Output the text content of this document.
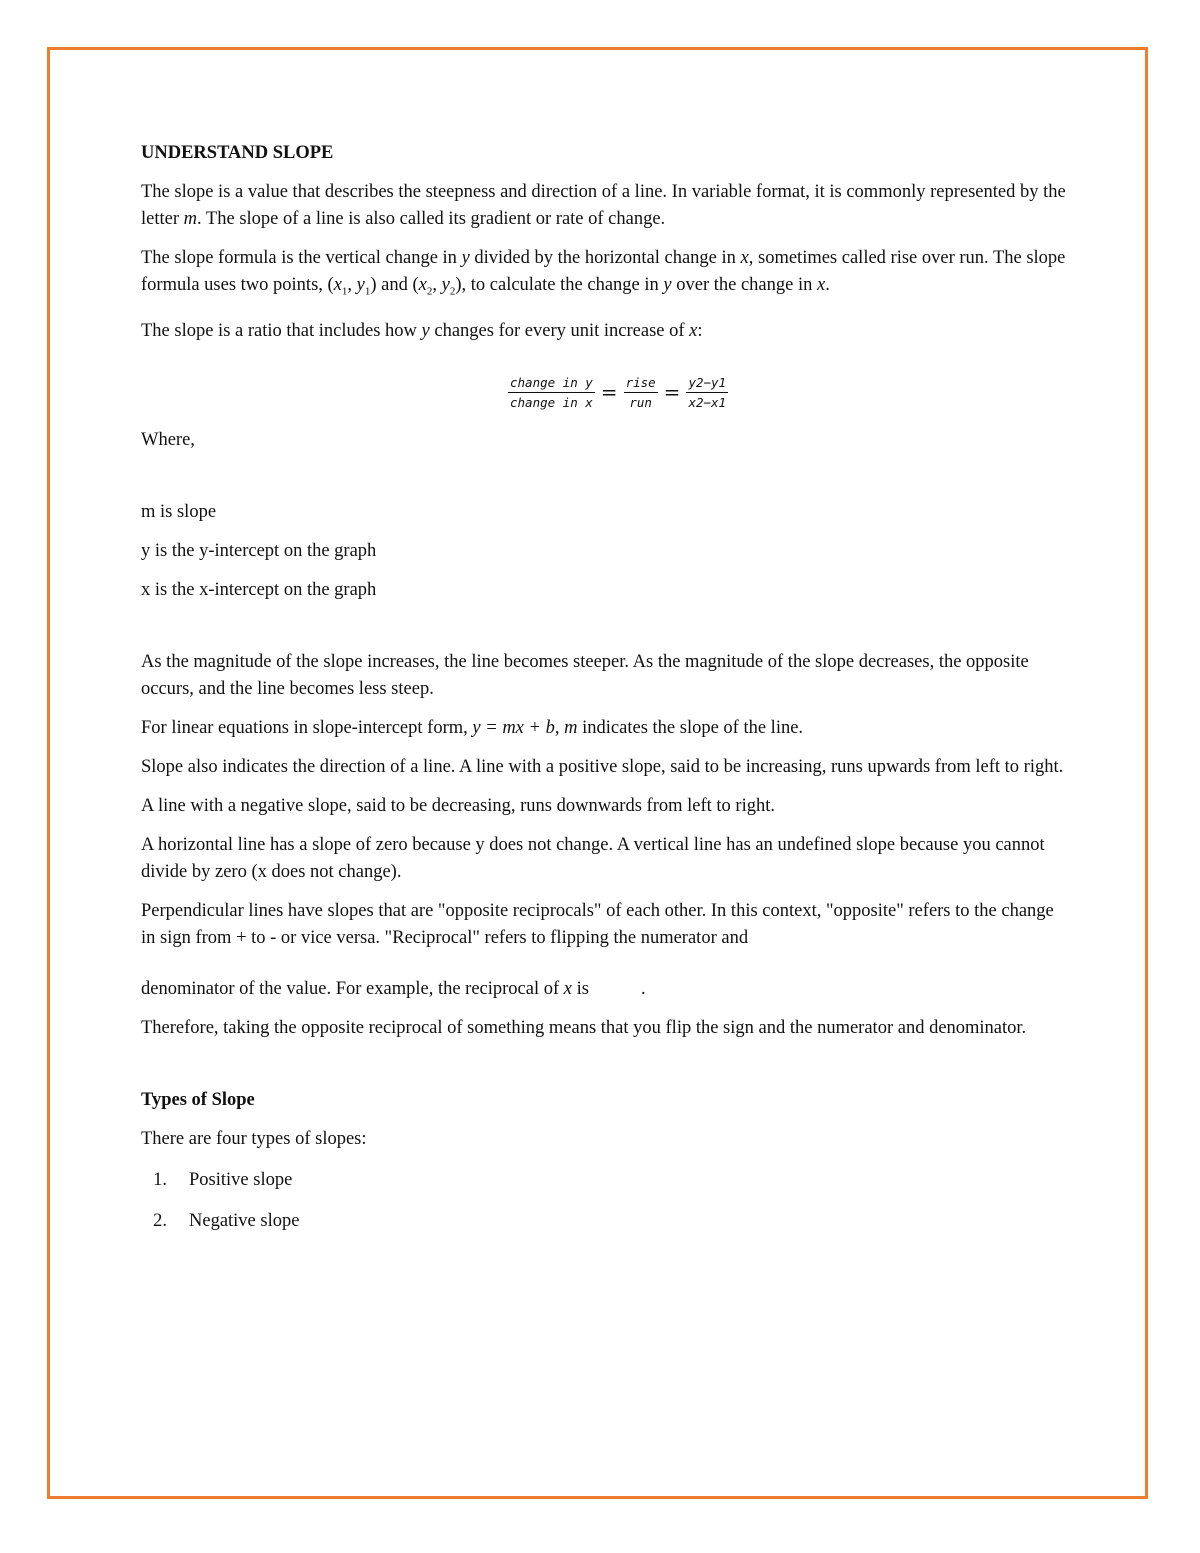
UNDERSTAND SLOPE

The slope is a value that describes the steepness and direction of a line. In variable format, it is commonly represented by the letter m. The slope of a line is also called its gradient or rate of change.

The slope formula is the vertical change in y divided by the horizontal change in x, sometimes called rise over run. The slope formula uses two points, ($x_1$, $y_1$) and ($x_2$, $y_2$), to calculate the change in y over the change in x.

The slope is a ratio that includes how y changes for every unit increase of x:

$\frac{\text{change in y}}{\text{change in x}} = \frac{\text{rise}}{\text{run}} = \frac{y2-y1}{x2-x1}$

Where,

m is slope

y is the y-intercept on the graph

x is the x-intercept on the graph

As the magnitude of the slope increases, the line becomes steeper. As the magnitude of the slope decreases, the opposite occurs, and the line becomes less steep.

For linear equations in slope-intercept form, y = mx + b, m indicates the slope of the line.

Slope also indicates the direction of a line. A line with a positive slope, said to be increasing, runs upwards from left to right.

A line with a negative slope, said to be decreasing, runs downwards from left to right.

A horizontal line has a slope of zero because y does not change. A vertical line has an undefined slope because you cannot divide by zero (x does not change).

Perpendicular lines have slopes that are "opposite reciprocals" of each other. In this context, "opposite" refers to the change in sign from + to - or vice versa. "Reciprocal" refers to flipping the numerator and

denominator of the value. For example, the reciprocal of x is	.

Therefore, taking the opposite reciprocal of something means that you flip the sign and the numerator and denominator.

Types of Slope

There are four types of slopes:

1.	Positive slope
2.	Negative slope
